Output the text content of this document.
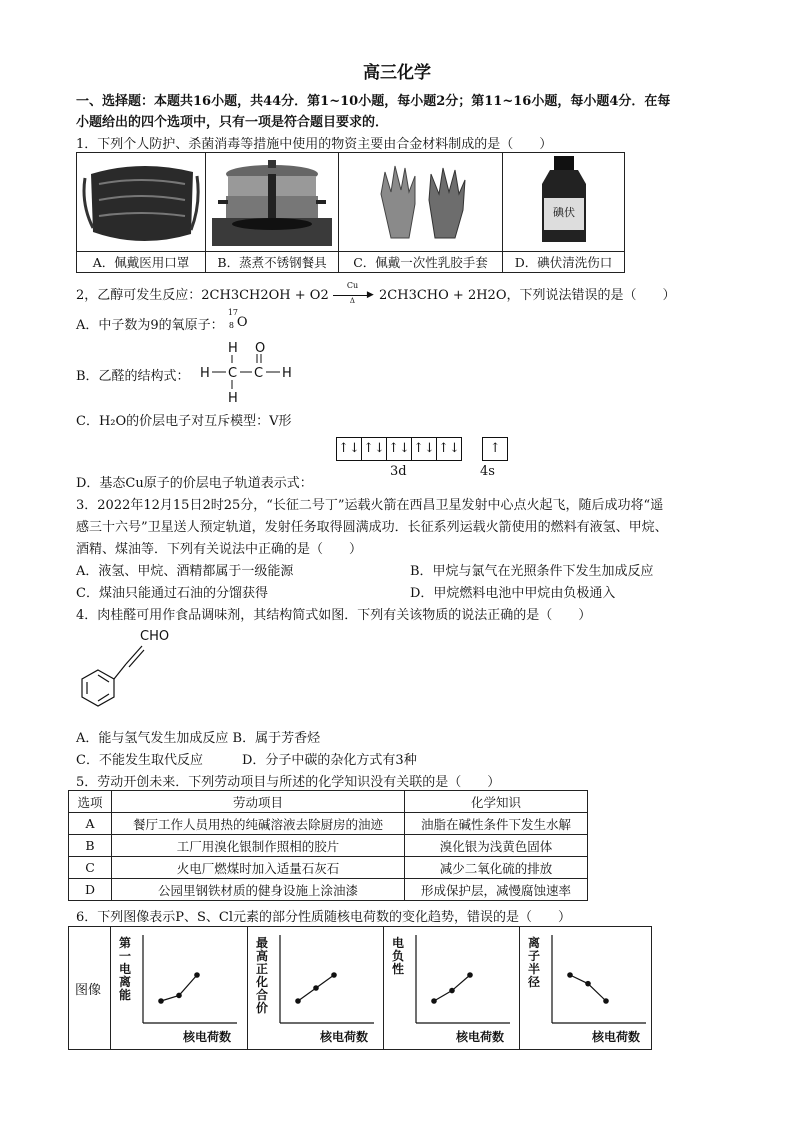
高三化学
一、选择题：本题共16小题，共44分．第1~10小题，每小题2分；第11~16小题，每小题4分．在每
小题给出的四个选项中，只有一项是符合题目要求的．
1．下列个人防护、杀菌消毒等措施中使用的物资主要由合金材料制成的是（　　）

碘伏

A．佩戴医用口罩	B．蒸煮不锈钢餐具	C．佩戴一次性乳胶手套	D．碘伏清洗伤口
2，乙醇可发生反应：2CH3CH2OH + O2
Cu
▶
Δ 2CH3CHO + 2H2O，下列说法错误的是（　　）
A．中子数为9的氧原子：
17
8 O
B．乙醛的结构式：
H
H C C H
H
O
C．H₂O的价层电子对互斥模型：V形
↑↓ ↑↓ ↑↓ ↑↓ ↑↓
	↑
3d	4s
D．基态Cu原子的价层电子轨道表示式：
3．2022年12月15日2时25分，“长征二号丁”运载火箭在西昌卫星发射中心点火起飞，随后成功将“遥
感三十六号”卫星送人预定轨道，发射任务取得圆满成功．长征系列运载火箭使用的燃料有液氢、甲烷、
酒精、煤油等．下列有关说法中正确的是（　　）
A．液氢、甲烷、酒精都属于一级能源	B．甲烷与氯气在光照条件下发生加成反应
C．煤油只能通过石油的分馏获得	D．甲烷燃料电池中甲烷由负极通入
4．肉桂醛可用作食品调味剂，其结构简式如图．下列有关该物质的说法正确的是（　　）
CHO
A．能与氢气发生加成反应 B．属于芳香烃
C．不能发生取代反应	D．分子中碳的杂化方式有3种
5．劳动开创未来．下列劳动项目与所述的化学知识没有关联的是（　　）
选项	劳动项目	化学知识
A	餐厅工作人员用热的纯碱溶液去除厨房的油迹	油脂在碱性条件下发生水解
B	工厂用溴化银制作照相的胶片	溴化银为浅黄色固体
C	火电厂燃煤时加入适量石灰石	减少二氧化硫的排放
D	公园里钢铁材质的健身设施上涂油漆	形成保护层，减慢腐蚀速率
6．下列图像表示P、S、Cl元素的部分性质随核电荷数的变化趋势，错误的是（　　）
图像
第
一
电
离
能
核电荷数
最
高
正
化
合
价
核电荷数
电
负
性
核电荷数
离
子
半
径
核电荷数
